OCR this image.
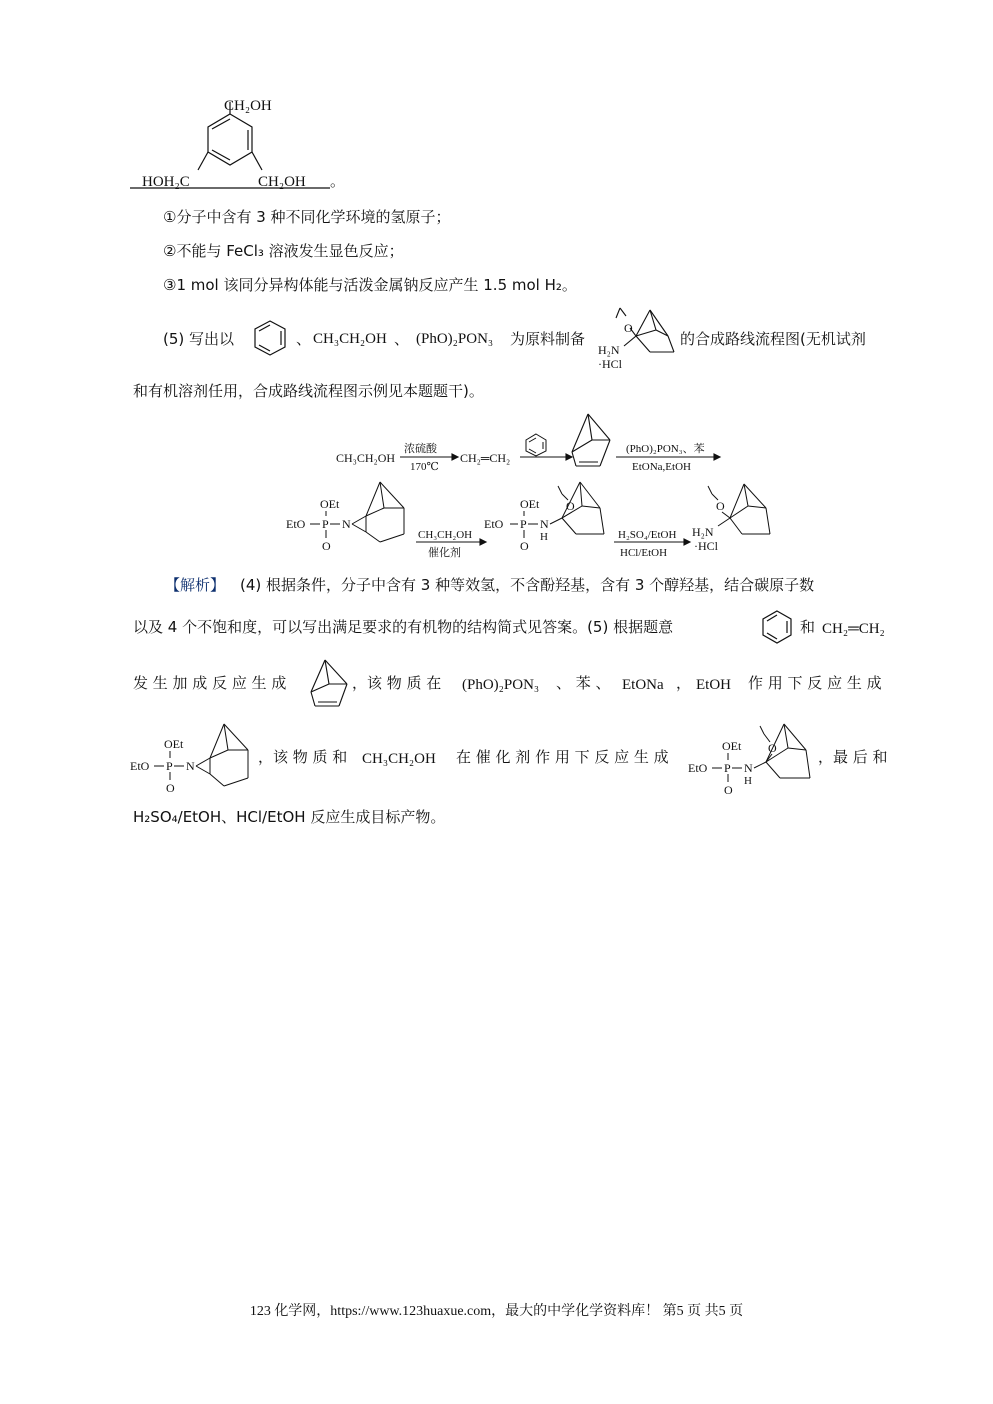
CH₂OH
HOH₂C	CH₂OH 。
①分子中含有 3 种不同化学环境的氢原子；
②不能与 FeCl₃ 溶液发生显色反应；
③1 mol 该同分异构体能与活泼金属钠反应产生 1.5 mol H₂。
(5) 写出以	、 CH₃CH₂OH 、 (PhO)₂PON₃ 为原料制备
O
H₂N
·HCl
的合成路线流程图(无机试剂
和有机溶剂任用，合成路线流程图示例见本题题干)。
CH₃CH₂OH
浓硫酸
170℃
CH₂═CH₂
(PhO)₂PON₃、苯
EtONa,EtOH
OEt
EtO P
O
N
CH₃CH₂OH
催化剂
OEt
EtO P
O
N
H
O
H₂SO₄/EtOH
HCl/EtOH
H₂N
·HCl
O
【解析】 (4) 根据条件，分子中含有 3 种等效氢，不含酚羟基，含有 3 个醇羟基，结合碳原子数
以及 4 个不饱和度，可以写出满足要求的有机物的结构简式见答案。(5) 根据题意	和 CH₂═CH₂
发 生 加 成 反 应 生 成	，该 物 质 在 (PhO)₂PON₃ 、 苯 、 EtONa ， EtOH 作 用 下 反 应 生 成
OEt
EtO P
O
N	，该 物 质 和 CH₃CH₂OH 在 催 化 剂 作 用 下 反 应 生 成
OEt
EtO P
O
N
H
O	，最 后 和
H₂SO₄/EtOH、HCl/EtOH 反应生成目标产物。
123 化学网，https://www.123huaxue.com，最大的中学化学资料库！ 第5 页 共5 页
